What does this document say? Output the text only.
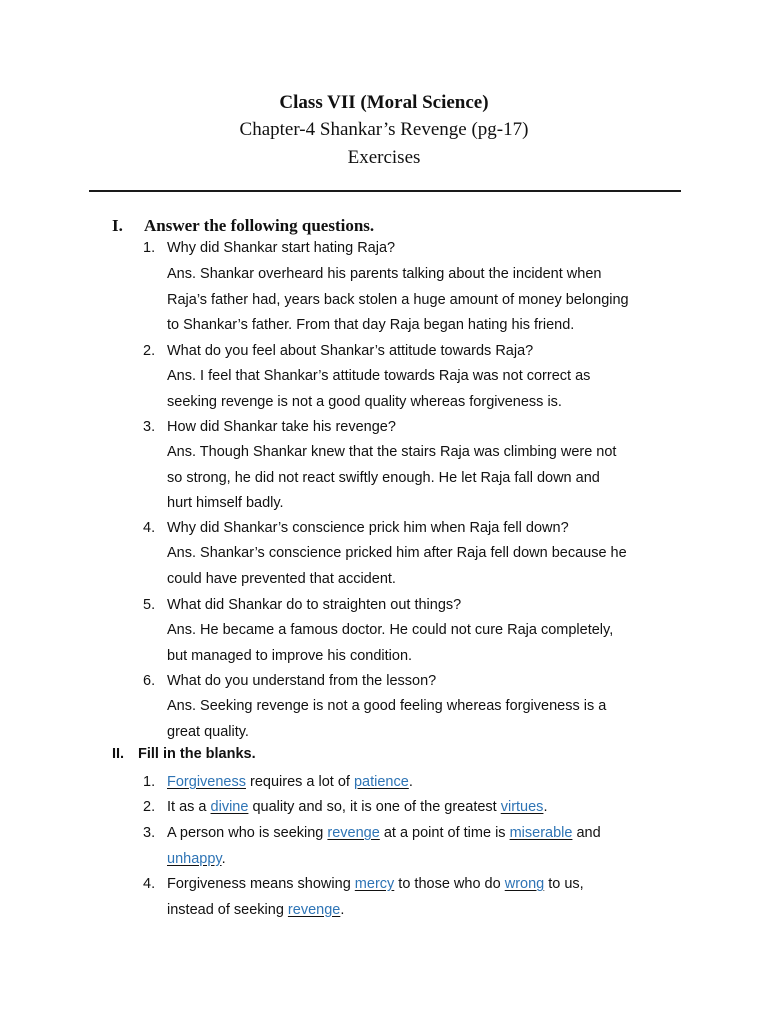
Class VII (Moral Science)
Chapter-4 Shankar’s Revenge (pg-17)
Exercises
I. Answer the following questions.
1. Why did Shankar start hating Raja?
Ans. Shankar overheard his parents talking about the incident when
Raja’s father had, years back stolen a huge amount of money belonging
to Shankar’s father. From that day Raja began hating his friend.
2. What do you feel about Shankar’s attitude towards Raja?
Ans. I feel that Shankar’s attitude towards Raja was not correct as
seeking revenge is not a good quality whereas forgiveness is.
3. How did Shankar take his revenge?
Ans. Though Shankar knew that the stairs Raja was climbing were not
so strong, he did not react swiftly enough. He let Raja fall down and
hurt himself badly.
4. Why did Shankar’s conscience prick him when Raja fell down?
Ans. Shankar’s conscience pricked him after Raja fell down because he
could have prevented that accident.
5. What did Shankar do to straighten out things?
Ans. He became a famous doctor. He could not cure Raja completely,
but managed to improve his condition.
6. What do you understand from the lesson?
Ans. Seeking revenge is not a good feeling whereas forgiveness is a
great quality.
II. Fill in the blanks.
1. Forgiveness requires a lot of patience.
2. It as a divine quality and so, it is one of the greatest virtues.
3. A person who is seeking revenge at a point of time is miserable and
unhappy.
4. Forgiveness means showing mercy to those who do wrong to us,
instead of seeking revenge.
